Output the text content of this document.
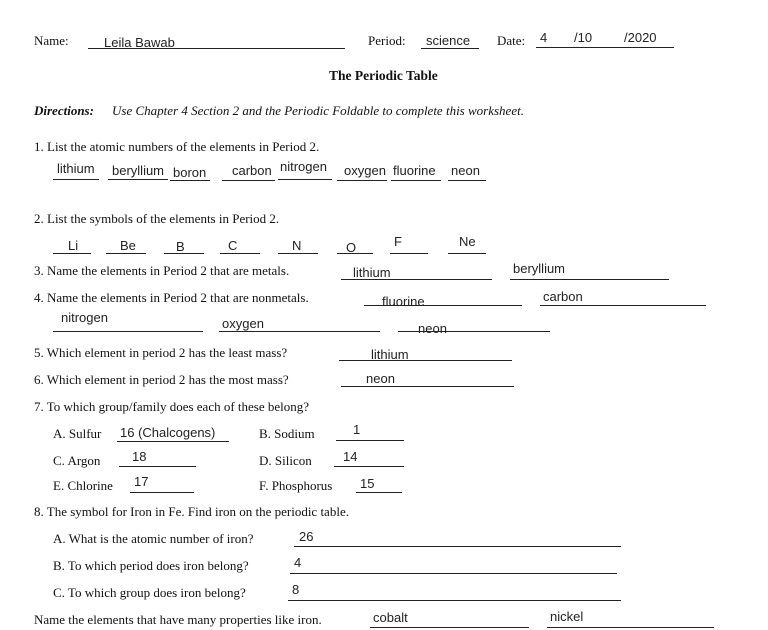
Name:	Leila Bawab	Period: science Date: 4 /10 /2020
The Periodic Table
Directions: Use Chapter 4 Section 2 and the Periodic Foldable to complete this worksheet.
1. List the atomic numbers of the elements in Period 2.
lithium beryllium boron carbon nitrogen oxygen fluorine neon
2. List the symbols of the elements in Period 2.
Li	Be	B	C	N	O	F	Ne
3. Name the elements in Period 2 that are metals.	lithium	beryllium
4. Name the elements in Period 2 that are nonmetals.	fluorine	carbon
nitrogen	oxygen	neon
5. Which element in period 2 has the least mass?	lithium
6. Which element in period 2 has the most mass?	neon
7. To which group/family does each of these belong?
A. Sulfur 16 (Chalcogens)	B. Sodium	1
C. Argon 18	D. Silicon 14
E. Chlorine 17	F. Phosphorus 15
8. The symbol for Iron in Fe. Find iron on the periodic table.
A. What is the atomic number of iron?	26
B. To which period does iron belong?	4
C. To which group does iron belong?	8
Name the elements that have many properties like iron.	cobalt	nickel
